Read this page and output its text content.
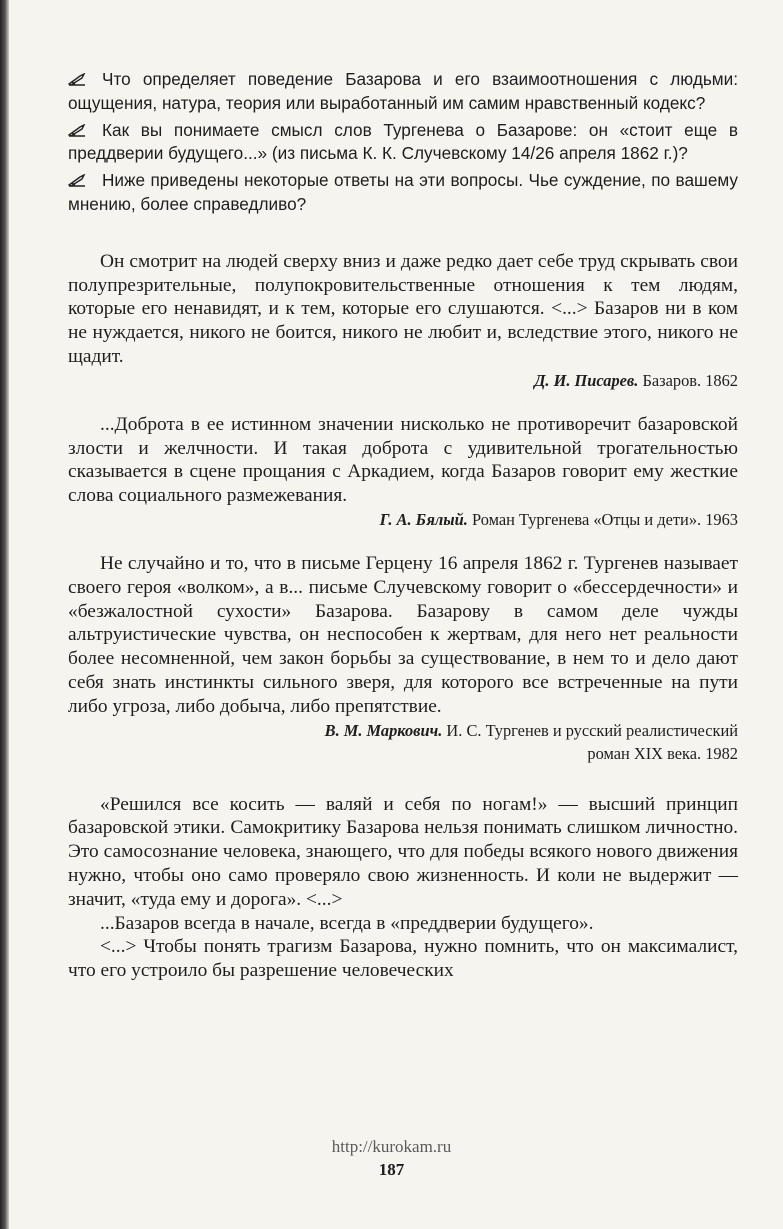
Что определяет поведение Базарова и его взаимоотношения с людьми: ощущения, натура, теория или выработанный им самим нравственный кодекс?
Как вы понимаете смысл слов Тургенева о Базарове: он «стоит еще в преддверии будущего...» (из письма К. К. Случевскому 14/26 апреля 1862 г.)?
Ниже приведены некоторые ответы на эти вопросы. Чье суждение, по вашему мнению, более справедливо?

Он смотрит на людей сверху вниз и даже редко дает себе труд скрывать свои полупрезрительные, полупокровительственные отношения к тем людям, которые его ненавидят, и к тем, которые его слушаются. <...> Базаров ни в ком не нуждается, никого не боится, никого не любит и, вследствие этого, никого не щадит.

Д. И. Писарев. Базаров. 1862

...Доброта в ее истинном значении нисколько не противоречит базаровской злости и желчности. И такая доброта с удивительной трогательностью сказывается в сцене прощания с Аркадием, когда Базаров говорит ему жесткие слова социального размежевания.

Г. А. Бялый. Роман Тургенева «Отцы и дети». 1963

Не случайно и то, что в письме Герцену 16 апреля 1862 г. Тургенев называет своего героя «волком», а в... письме Случевскому говорит о «бессердечности» и «безжалостной сухости» Базарова. Базарову в самом деле чужды альтруистические чувства, он неспособен к жертвам, для него нет реальности более несомненной, чем закон борьбы за существование, в нем то и дело дают себя знать инстинкты сильного зверя, для которого все встреченные на пути либо угроза, либо добыча, либо препятствие.

В. М. Маркович. И. С. Тургенев и русский реалистический
роман XIX века. 1982

«Решился все косить — валяй и себя по ногам!» — высший принцип базаровской этики. Самокритику Базарова нельзя понимать слишком личностно. Это самосознание человека, знающего, что для победы всякого нового движения нужно, чтобы оно само проверяло свою жизненность. И коли не выдержит — значит, «туда ему и дорога». <...>

...Базаров всегда в начале, всегда в «преддверии будущего».

<...> Чтобы понять трагизм Базарова, нужно помнить, что он максималист, что его устроило бы разрешение человеческих

http://kurokam.ru
187
